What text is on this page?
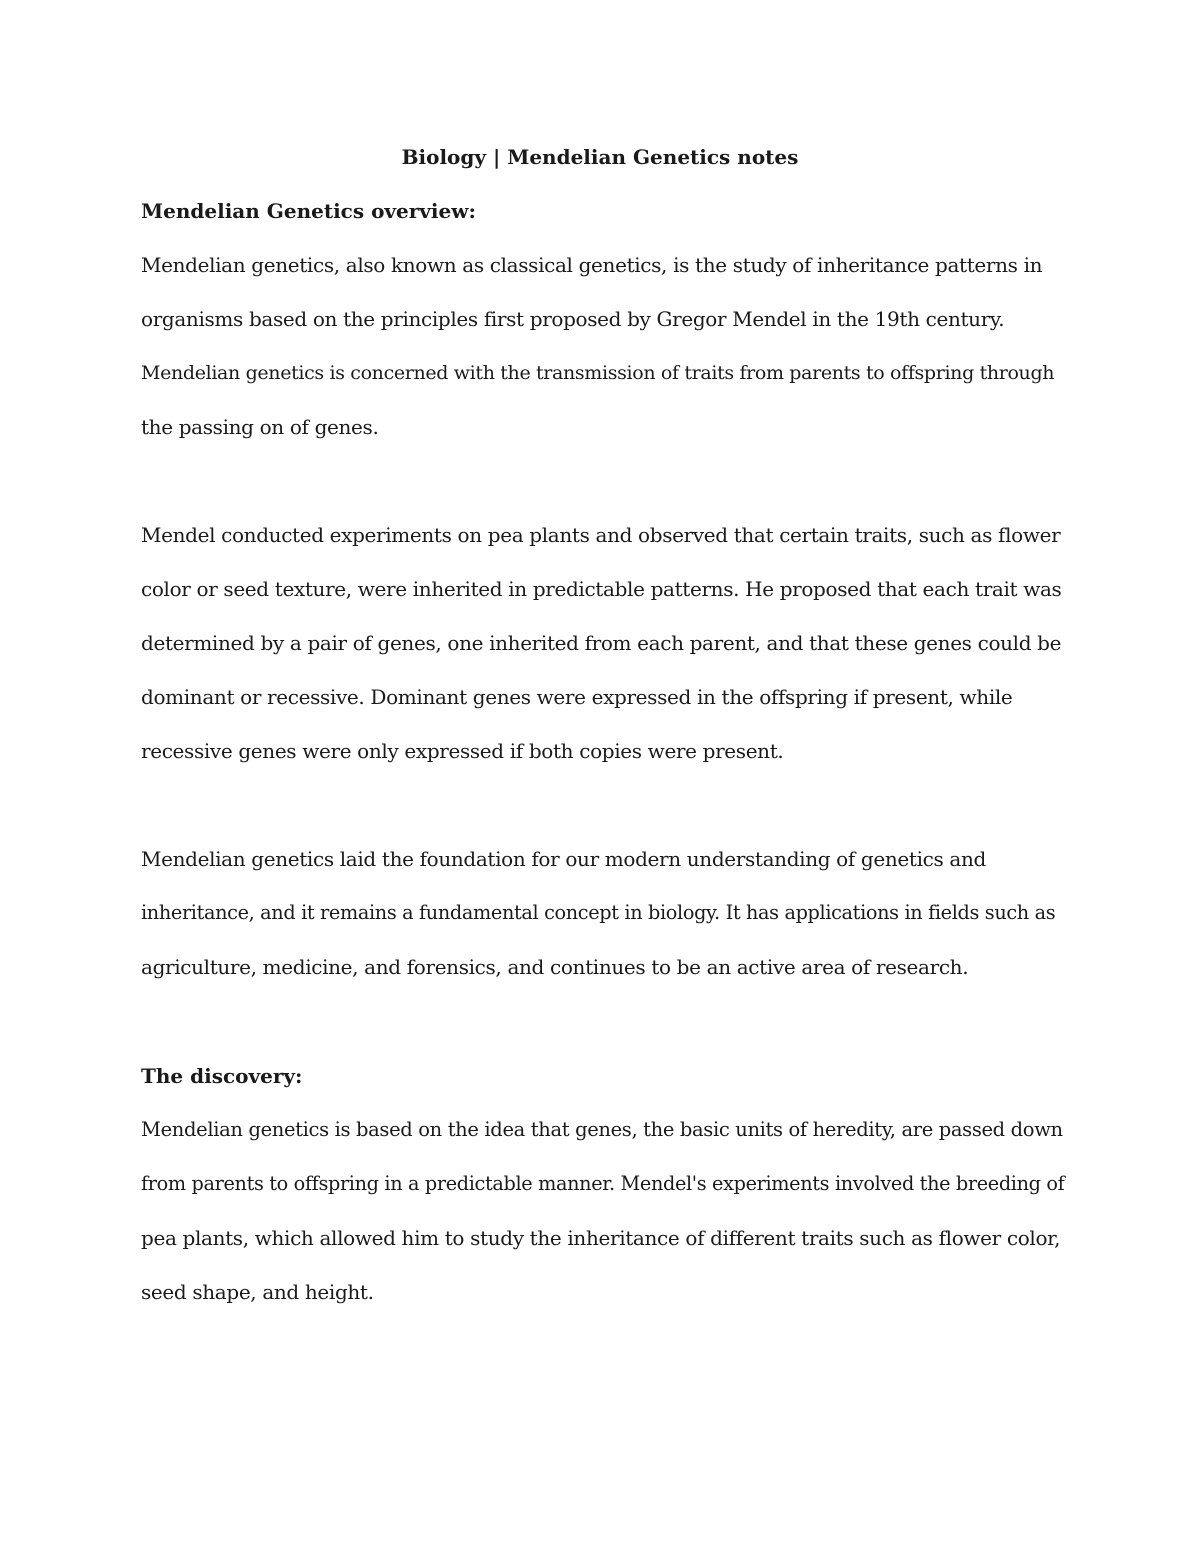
Biology | Mendelian Genetics notes
Mendelian Genetics overview:
Mendelian genetics, also known as classical genetics, is the study of inheritance patterns in
organisms based on the principles first proposed by Gregor Mendel in the 19th century.
Mendelian genetics is concerned with the transmission of traits from parents to offspring through
the passing on of genes.
Mendel conducted experiments on pea plants and observed that certain traits, such as flower
color or seed texture, were inherited in predictable patterns. He proposed that each trait was
determined by a pair of genes, one inherited from each parent, and that these genes could be
dominant or recessive. Dominant genes were expressed in the offspring if present, while
recessive genes were only expressed if both copies were present.
Mendelian genetics laid the foundation for our modern understanding of genetics and
inheritance, and it remains a fundamental concept in biology. It has applications in fields such as
agriculture, medicine, and forensics, and continues to be an active area of research.
The discovery:
Mendelian genetics is based on the idea that genes, the basic units of heredity, are passed down
from parents to offspring in a predictable manner. Mendel's experiments involved the breeding of
pea plants, which allowed him to study the inheritance of different traits such as flower color,
seed shape, and height.
